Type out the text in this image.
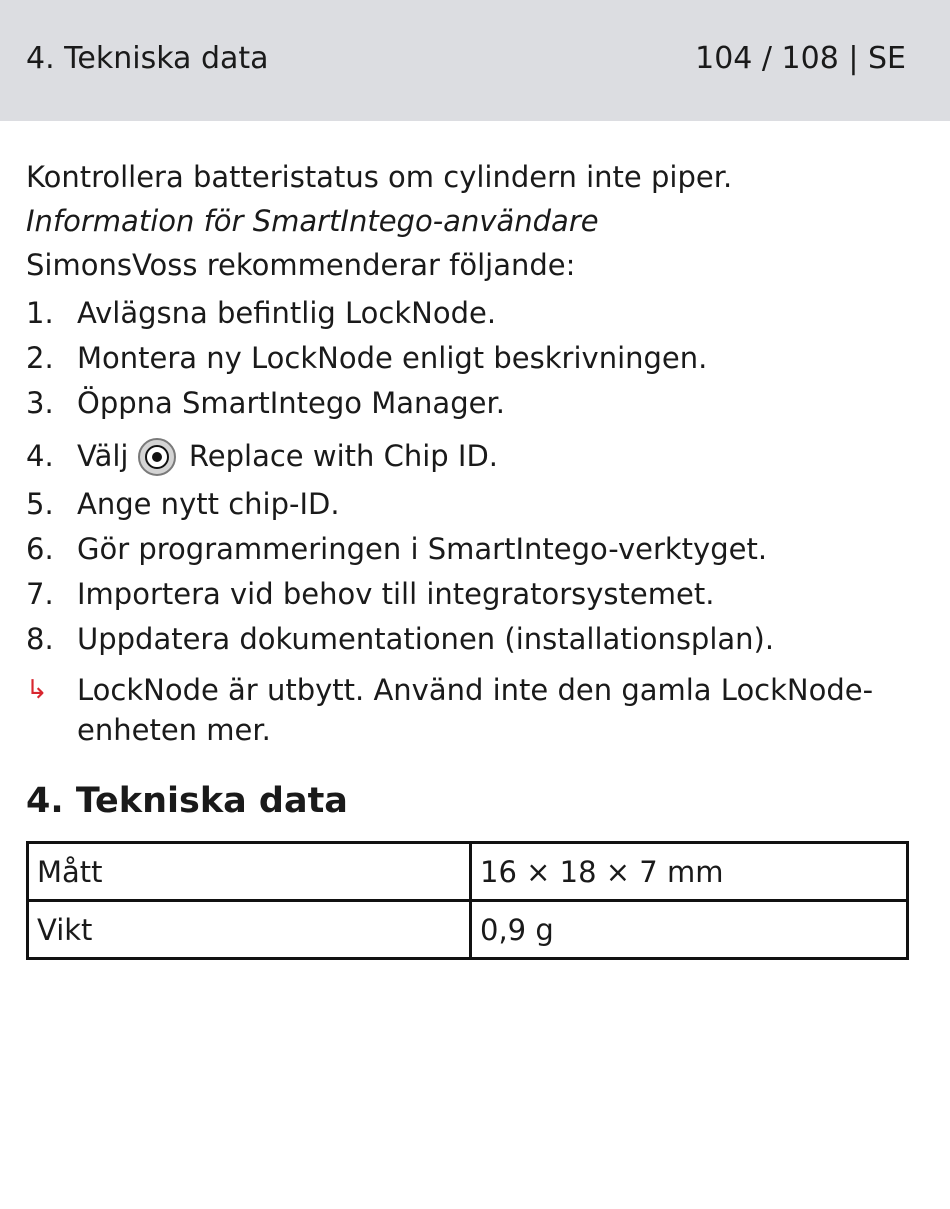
4. Tekniska data	104 / 108 | SE

Kontrollera batteristatus om cylindern inte piper.

Information för SmartIntego-användare

SimonsVoss rekommenderar följande:

1. Avlägsna befintlig LockNode.
2. Montera ny LockNode enligt beskrivningen.
3. Öppna SmartIntego Manager.
4. Välj Replace with Chip ID.
5. Ange nytt chip-ID.
6. Gör programmeringen i SmartIntego-verktyget.
7. Importera vid behov till integratorsystemet.
8. Uppdatera dokumentationen (installationsplan).
↳ LockNode är utbytt. Använd inte den gamla LockNode-enheten mer.
4. Tekniska data
Mått	16 × 18 × 7 mm
Vikt	0,9 g
